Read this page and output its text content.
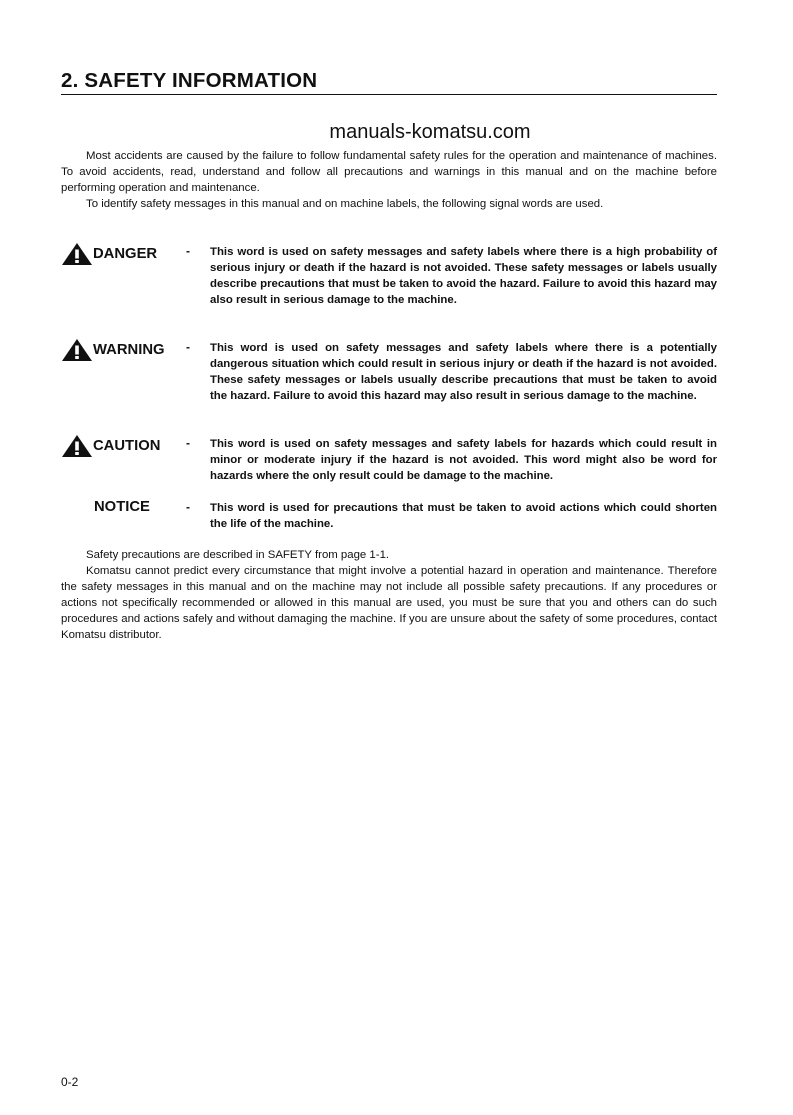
2. SAFETY INFORMATION
manuals-komatsu.com

Most accidents are caused by the failure to follow fundamental safety rules for the operation and maintenance of machines. To avoid accidents, read, understand and follow all precautions and warnings in this manual and on the machine before performing operation and maintenance.

To identify safety messages in this manual and on machine labels, the following signal words are used.

DANGER - This word is used on safety messages and safety labels where there is a high probability of serious injury or death if the hazard is not avoided. These safety messages or labels usually describe precautions that must be taken to avoid the hazard. Failure to avoid this hazard may also result in serious damage to the machine.
WARNING - This word is used on safety messages and safety labels where there is a potentially dangerous situation which could result in serious injury or death if the hazard is not avoided. These safety messages or labels usually describe precautions that must be taken to avoid the hazard. Failure to avoid this hazard may also result in serious damage to the machine.
CAUTION - This word is used on safety messages and safety labels for hazards which could result in minor or moderate injury if the hazard is not avoided. This word might also be word for hazards where the only result could be damage to the machine.
NOTICE	- This word is used for precautions that must be taken to avoid actions which could shorten the life of the machine.

Safety precautions are described in SAFETY from page 1-1.

Komatsu cannot predict every circumstance that might involve a potential hazard in operation and maintenance. Therefore the safety messages in this manual and on the machine may not include all possible safety precautions. If any procedures or actions not specifically recommended or allowed in this manual are used, you must be sure that you and others can do such procedures and actions safely and without damaging the machine. If you are unsure about the safety of some procedures, contact Komatsu distributor.

0-2
